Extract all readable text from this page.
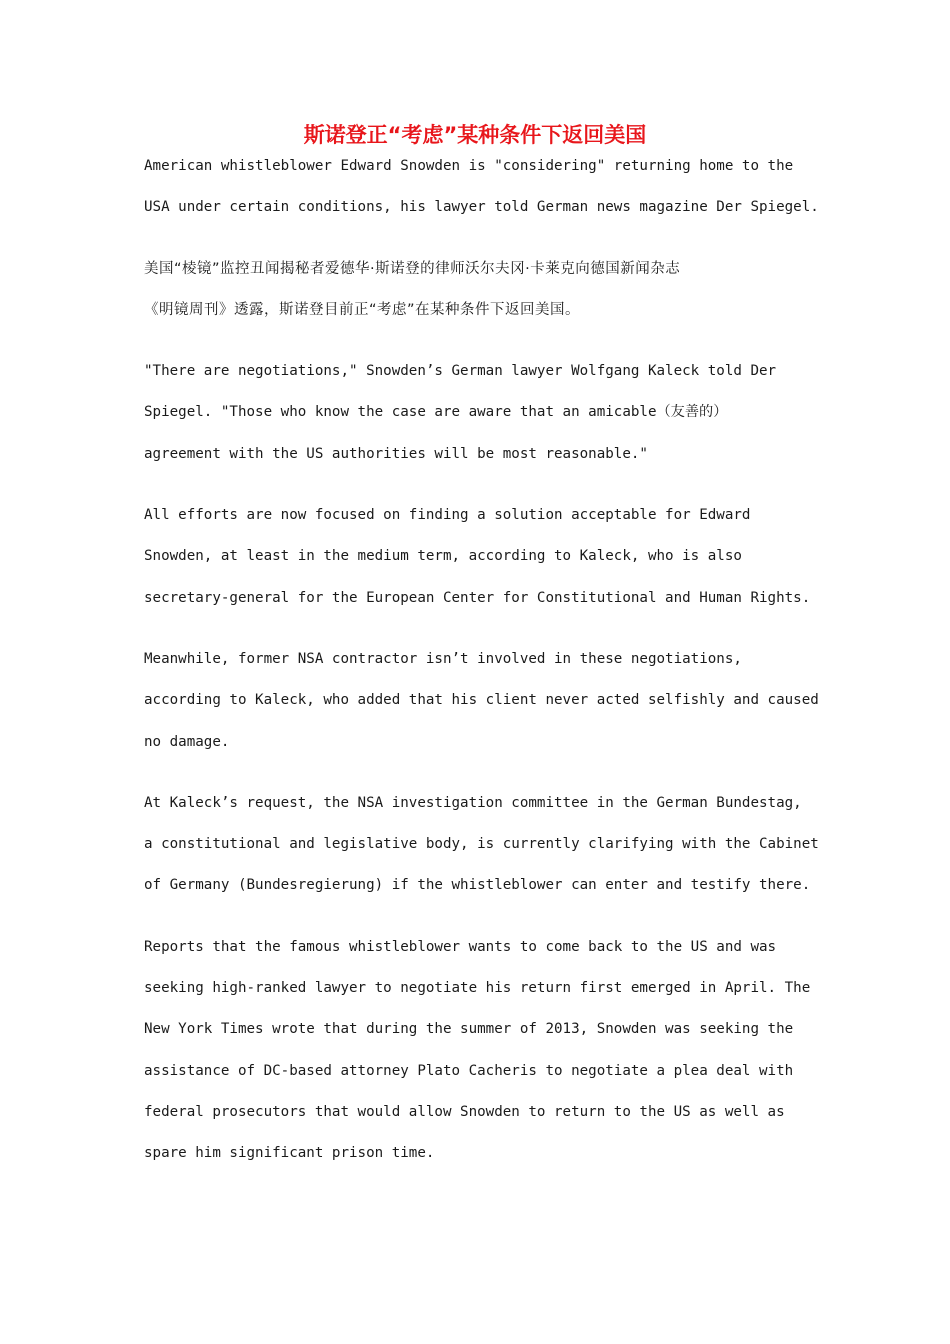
斯诺登正“考虑”某种条件下返回美国

American whistleblower Edward Snowden is "considering" returning home to the
USA under certain conditions, his lawyer told German news magazine Der Spiegel.

美国“棱镜”监控丑闻揭秘者爱德华·斯诺登的律师沃尔夫冈·卡莱克向德国新闻杂志
《明镜周刊》透露，斯诺登目前正“考虑”在某种条件下返回美国。

"There are negotiations," Snowden’s German lawyer Wolfgang Kaleck told Der
Spiegel. "Those who know the case are aware that an amicable（友善的）
agreement with the US authorities will be most reasonable."

All efforts are now focused on finding a solution acceptable for Edward
Snowden, at least in the medium term, according to Kaleck, who is also
secretary-general for the European Center for Constitutional and Human Rights.

Meanwhile, former NSA contractor isn’t involved in these negotiations,
according to Kaleck, who added that his client never acted selfishly and caused
no damage.

At Kaleck’s request, the NSA investigation committee in the German Bundestag,
a constitutional and legislative body, is currently clarifying with the Cabinet
of Germany (Bundesregierung) if the whistleblower can enter and testify there.

Reports that the famous whistleblower wants to come back to the US and was
seeking high-ranked lawyer to negotiate his return first emerged in April. The
New York Times wrote that during the summer of 2013, Snowden was seeking the
assistance of DC-based attorney Plato Cacheris to negotiate a plea deal with
federal prosecutors that would allow Snowden to return to the US as well as
spare him significant prison time.
